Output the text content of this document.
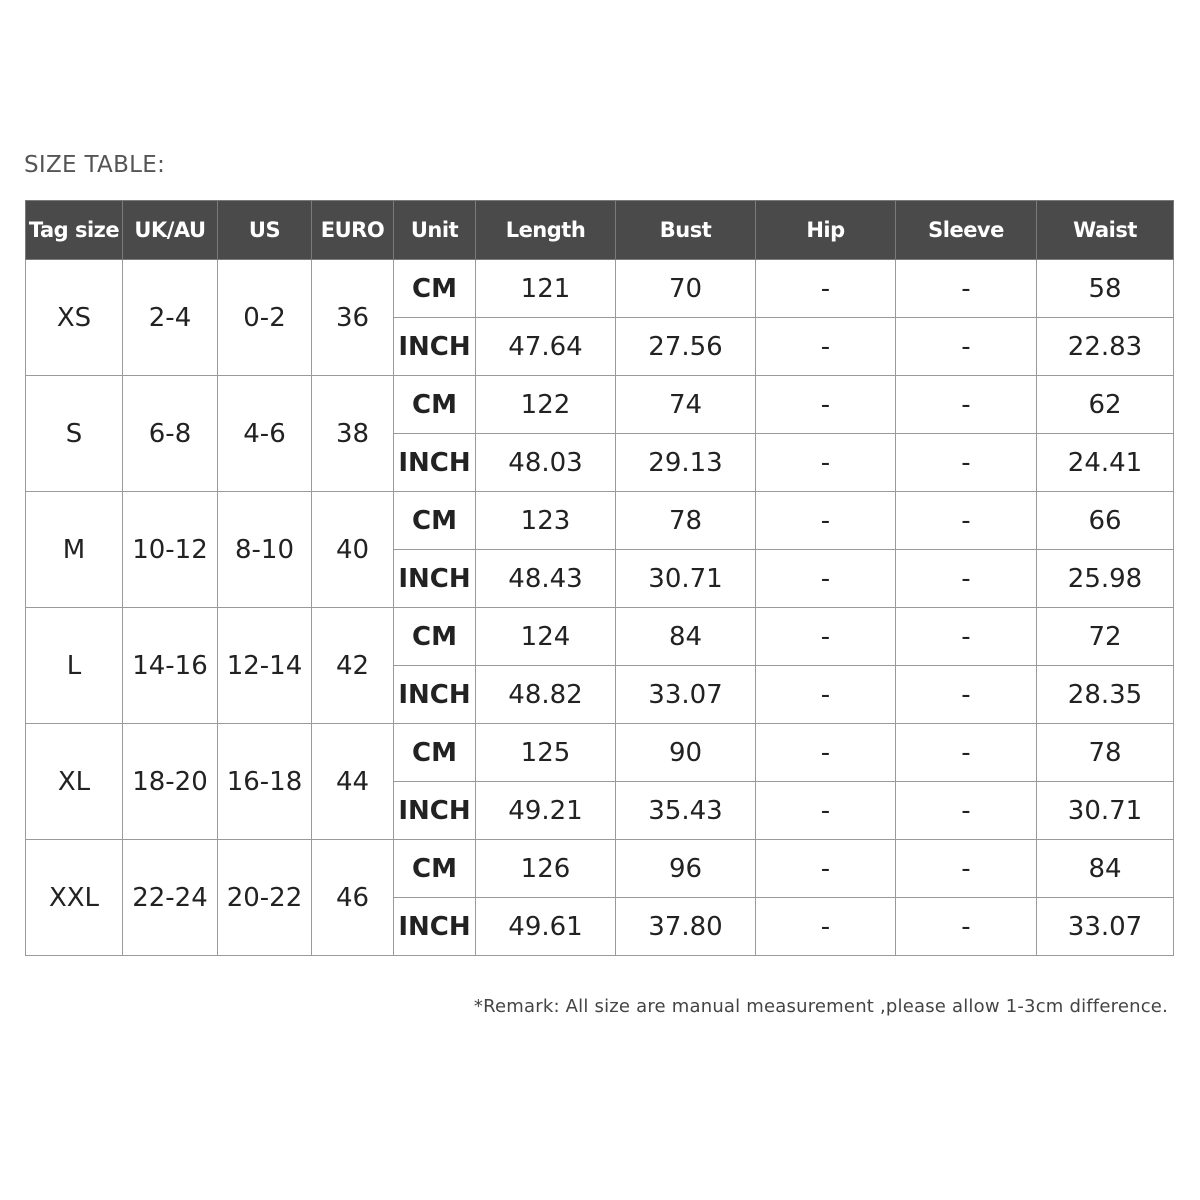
SIZE TABLE:
Tag size	UK/AU	US	EURO	Unit	Length	Bust	Hip	Sleeve	Waist
XS	2-4	0-2	36	CM	121	70	-	-	58
				INCH	47.64	27.56	-	-	22.83
S	6-8	4-6	38	CM	122	74	-	-	62
				INCH	48.03	29.13	-	-	24.41
M	10-12	8-10	40	CM	123	78	-	-	66
				INCH	48.43	30.71	-	-	25.98
L	14-16	12-14	42	CM	124	84	-	-	72
				INCH	48.82	33.07	-	-	28.35
XL	18-20	16-18	44	CM	125	90	-	-	78
				INCH	49.21	35.43	-	-	30.71
XXL	22-24	20-22	46	CM	126	96	-	-	84
				INCH	49.61	37.80	-	-	33.07
*Remark: All size are manual measurement ,please allow 1-3cm difference.
